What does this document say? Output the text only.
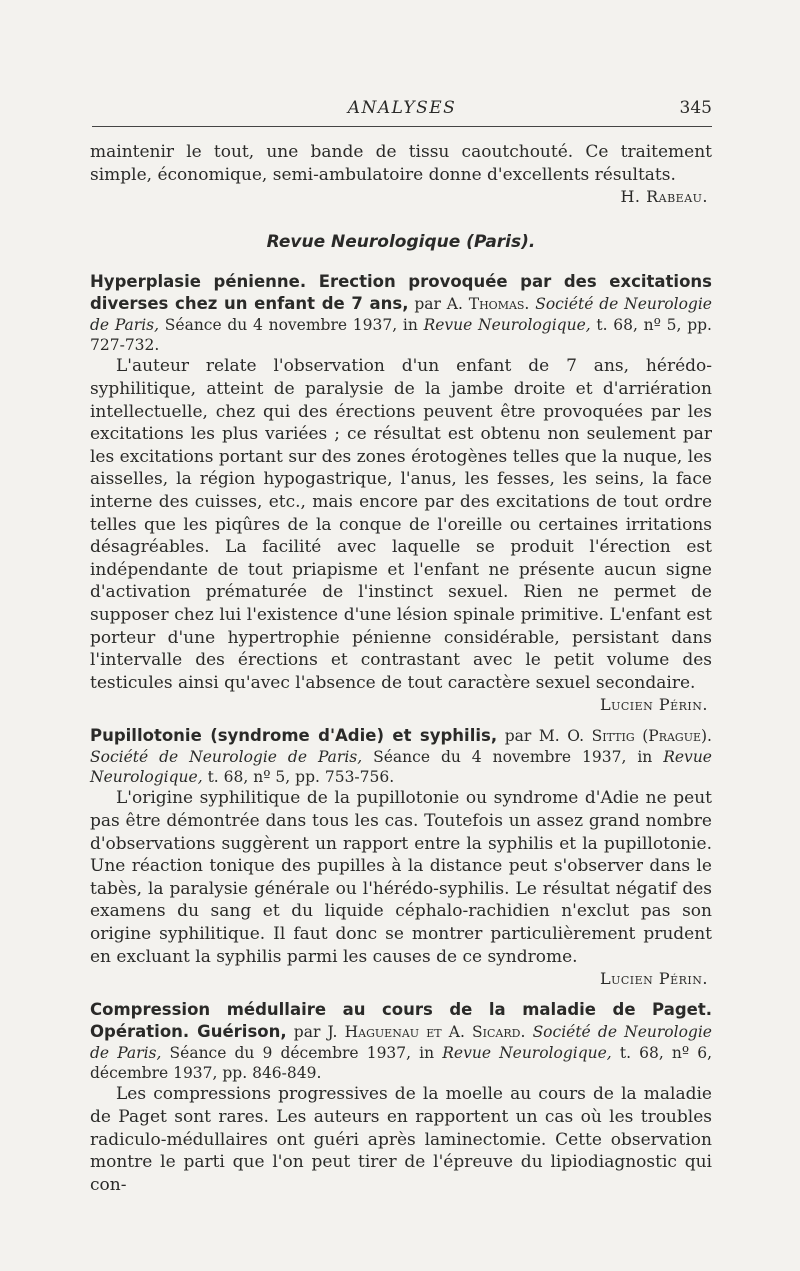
ANALYSES	345

maintenir le tout, une bande de tissu caoutchouté. Ce traitement simple, économique, semi-ambulatoire donne d'excellents résultats.

H. Rabeau.
Revue Neurologique (Paris).
Hyperplasie pénienne. Erection provoquée par des excitations diverses chez un enfant de 7 ans, par A. Thomas. Société de Neurologie de Paris, Séance du 4 novembre 1937, in Revue Neurologique, t. 68, nº 5, pp. 727-732.

L'auteur relate l'observation d'un enfant de 7 ans, hérédo-syphilitique, atteint de paralysie de la jambe droite et d'arriération intellectuelle, chez qui des érections peuvent être provoquées par les excitations les plus variées ; ce résultat est obtenu non seulement par les excitations portant sur des zones érotogènes telles que la nuque, les aisselles, la région hypogastrique, l'anus, les fesses, les seins, la face interne des cuisses, etc., mais encore par des excitations de tout ordre telles que les piqûres de la conque de l'oreille ou certaines irritations désagréables. La facilité avec laquelle se produit l'érection est indépendante de tout priapisme et l'enfant ne présente aucun signe d'activation prématurée de l'instinct sexuel. Rien ne permet de supposer chez lui l'existence d'une lésion spinale primitive. L'enfant est porteur d'une hypertrophie pénienne considérable, persistant dans l'intervalle des érections et contrastant avec le petit volume des testicules ainsi qu'avec l'absence de tout caractère sexuel secondaire.

Lucien Périn.
Pupillotonie (syndrome d'Adie) et syphilis, par M. O. Sittig (Prague). Société de Neurologie de Paris, Séance du 4 novembre 1937, in Revue Neurologique, t. 68, nº 5, pp. 753-756.

L'origine syphilitique de la pupillotonie ou syndrome d'Adie ne peut pas être démontrée dans tous les cas. Toutefois un assez grand nombre d'observations suggèrent un rapport entre la syphilis et la pupillotonie. Une réaction tonique des pupilles à la distance peut s'observer dans le tabès, la paralysie générale ou l'hérédo-syphilis. Le résultat négatif des examens du sang et du liquide céphalo-rachidien n'exclut pas son origine syphilitique. Il faut donc se montrer particulièrement prudent en excluant la syphilis parmi les causes de ce syndrome.

Lucien Périn.
Compression médullaire au cours de la maladie de Paget. Opération. Guérison, par J. Haguenau et A. Sicard. Société de Neurologie de Paris, Séance du 9 décembre 1937, in Revue Neurologique, t. 68, nº 6, décembre 1937, pp. 846-849.

Les compressions progressives de la moelle au cours de la maladie de Paget sont rares. Les auteurs en rapportent un cas où les troubles radiculo-médullaires ont guéri après laminectomie. Cette observation montre le parti que l'on peut tirer de l'épreuve du lipiodiagnostic qui con-
